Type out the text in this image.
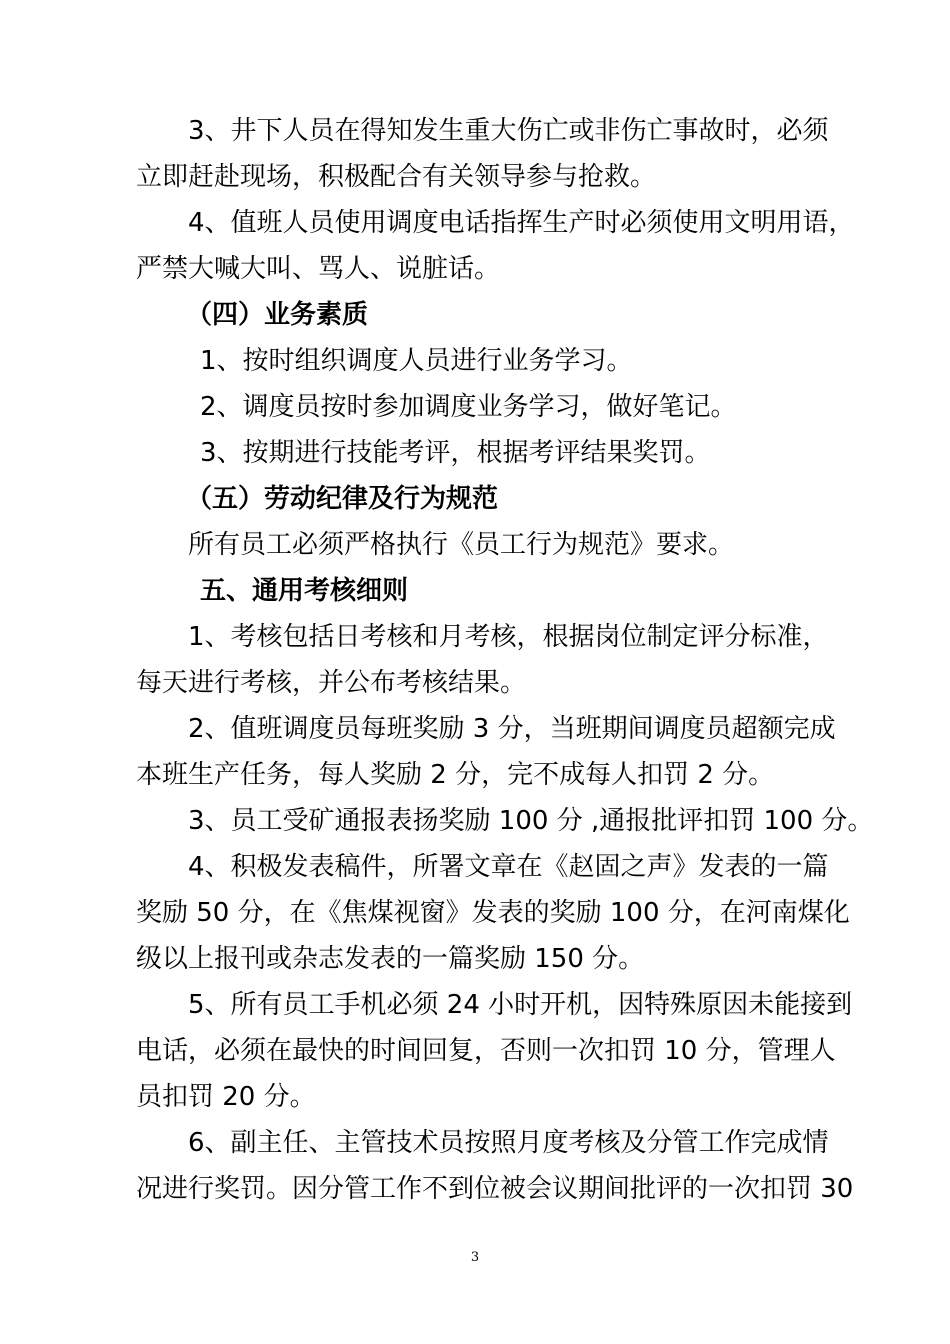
3、井下人员在得知发生重大伤亡或非伤亡事故时，必须
立即赶赴现场，积极配合有关领导参与抢救。
4、值班人员使用调度电话指挥生产时必须使用文明用语，
严禁大喊大叫、骂人、说脏话。
（四）业务素质
1、按时组织调度人员进行业务学习。
2、调度员按时参加调度业务学习，做好笔记。
3、按期进行技能考评，根据考评结果奖罚。
（五）劳动纪律及行为规范
所有员工必须严格执行《员工行为规范》要求。
五、通用考核细则
1、考核包括日考核和月考核，根据岗位制定评分标准，
每天进行考核，并公布考核结果。
2、值班调度员每班奖励 3 分，当班期间调度员超额完成
本班生产任务，每人奖励 2 分，完不成每人扣罚 2 分。
3、员工受矿通报表扬奖励 100 分 ,通报批评扣罚 100 分。
4、积极发表稿件，所署文章在《赵固之声》发表的一篇
奖励 50 分，在《焦煤视窗》发表的奖励 100 分，在河南煤化
级以上报刊或杂志发表的一篇奖励 150 分。
5、所有员工手机必须 24 小时开机，因特殊原因未能接到
电话，必须在最快的时间回复，否则一次扣罚 10 分，管理人
员扣罚 20 分。
6、副主任、主管技术员按照月度考核及分管工作完成情
况进行奖罚。因分管工作不到位被会议期间批评的一次扣罚 30
3
